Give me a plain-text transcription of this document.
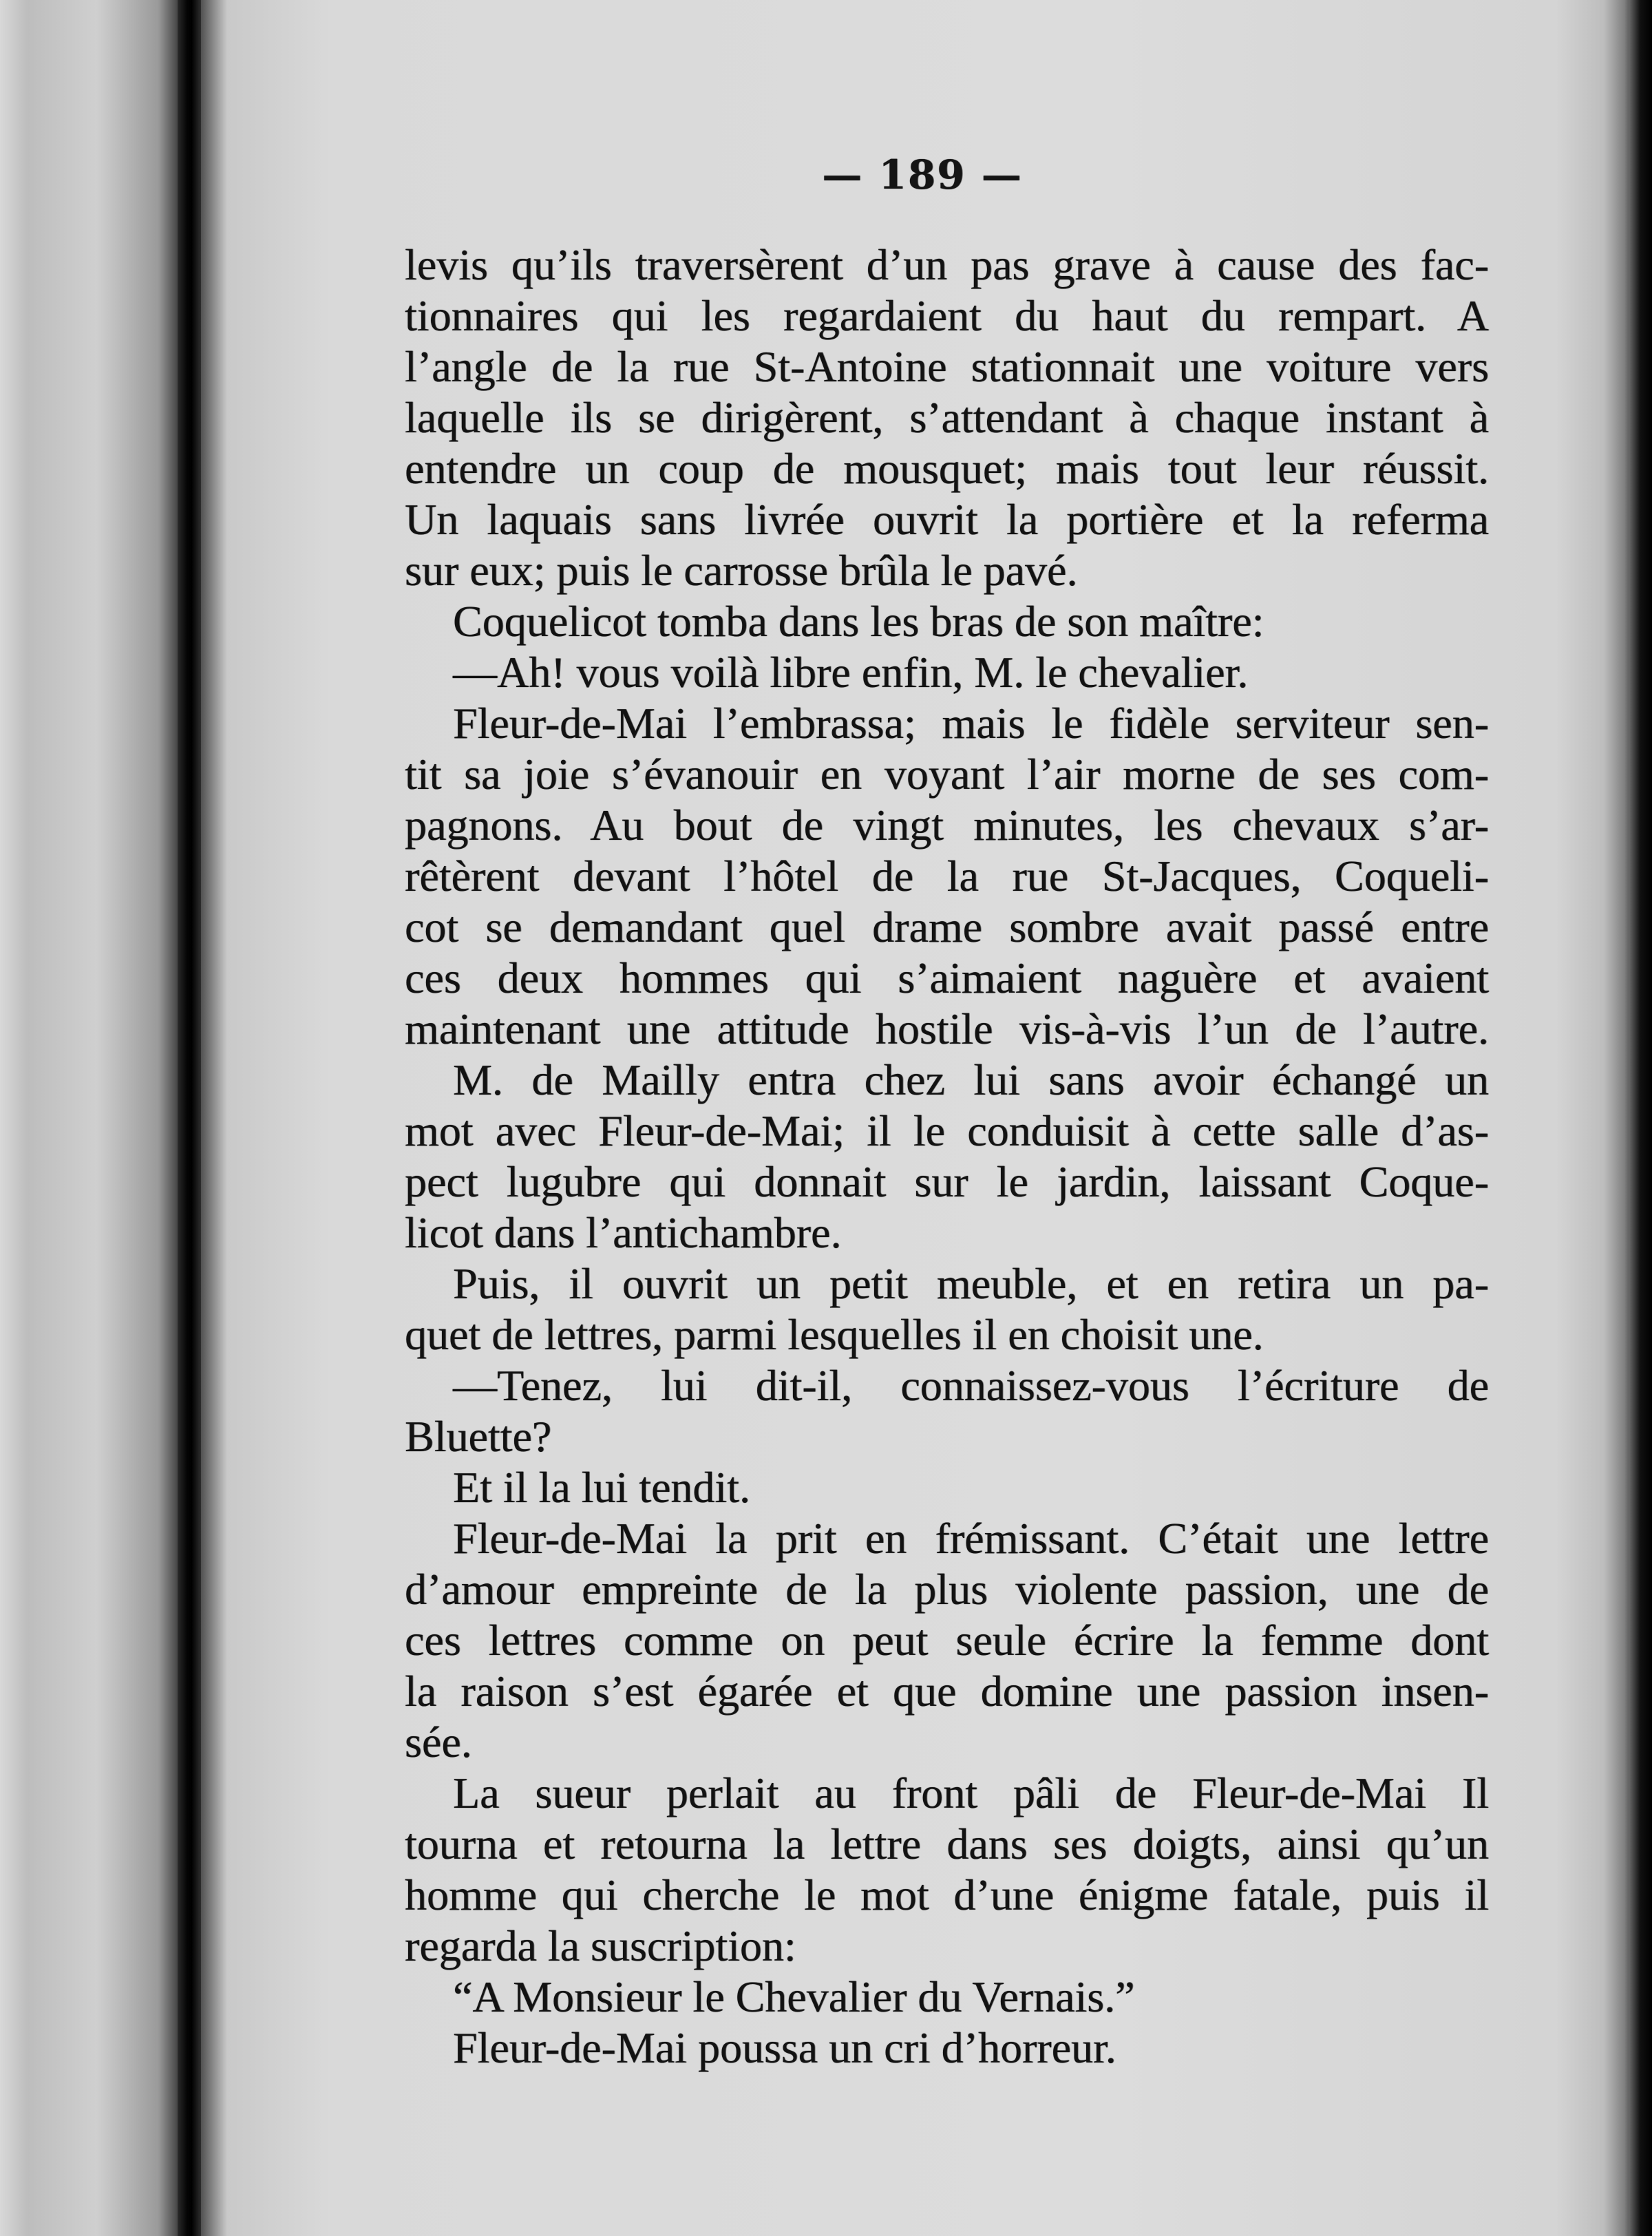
— 189 —
levis qu’ils traversèrent d’un pas grave à cause des fac-
tionnaires qui les regardaient du haut du rempart. A
l’angle de la rue St-Antoine stationnait une voiture vers
laquelle ils se dirigèrent, s’attendant à chaque instant à
entendre un coup de mousquet; mais tout leur réussit.
Un laquais sans livrée ouvrit la portière et la referma
sur eux; puis le carrosse brûla le pavé.
Coquelicot tomba dans les bras de son maître:
—Ah! vous voilà libre enfin, M. le chevalier.
Fleur-de-Mai l’embrassa; mais le fidèle serviteur sen-
tit sa joie s’évanouir en voyant l’air morne de ses com-
pagnons. Au bout de vingt minutes, les chevaux s’ar-
rêtèrent devant l’hôtel de la rue St-Jacques, Coqueli-
cot se demandant quel drame sombre avait passé entre
ces deux hommes qui s’aimaient naguère et avaient
maintenant une attitude hostile vis-à-vis l’un de l’autre.
M. de Mailly entra chez lui sans avoir échangé un
mot avec Fleur-de-Mai; il le conduisit à cette salle d’as-
pect lugubre qui donnait sur le jardin, laissant Coque-
licot dans l’antichambre.
Puis, il ouvrit un petit meuble, et en retira un pa-
quet de lettres, parmi lesquelles il en choisit une.
—Tenez, lui dit-il, connaissez-vous l’écriture de
Bluette?
Et il la lui tendit.
Fleur-de-Mai la prit en frémissant. C’était une lettre
d’amour empreinte de la plus violente passion, une de
ces lettres comme on peut seule écrire la femme dont
la raison s’est égarée et que domine une passion insen-
sée.
La sueur perlait au front pâli de Fleur-de-Mai Il
tourna et retourna la lettre dans ses doigts, ainsi qu’un
homme qui cherche le mot d’une énigme fatale, puis il
regarda la suscription:
“A Monsieur le Chevalier du Vernais.”
Fleur-de-Mai poussa un cri d’horreur.
